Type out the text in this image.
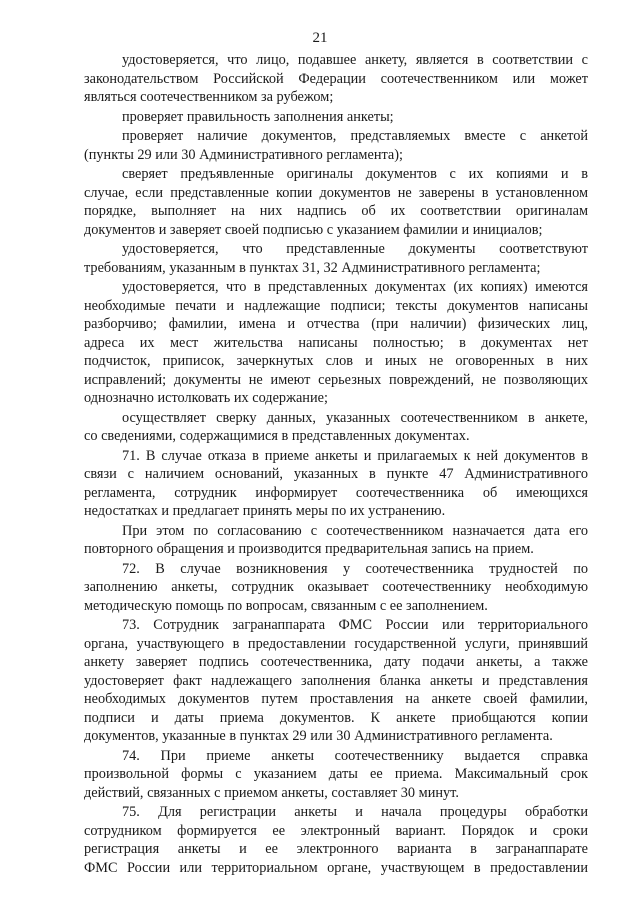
21
удостоверяется, что лицо, подавшее анкету, является в соответствии с
законодательством Российской Федерации соотечественником или может
являться соотечественником за рубежом;
проверяет правильность заполнения анкеты;
проверяет наличие документов, представляемых вместе с анкетой
(пункты 29 или 30 Административного регламента);
сверяет предъявленные оригиналы документов с их копиями и в
случае, если представленные копии документов не заверены в установленном
порядке, выполняет на них надпись об их соответствии оригиналам
документов и заверяет своей подписью с указанием фамилии и инициалов;
удостоверяется, что представленные документы соответствуют
требованиям, указанным в пунктах 31, 32 Административного регламента;
удостоверяется, что в представленных документах (их копиях) имеются
необходимые печати и надлежащие подписи; тексты документов написаны
разборчиво; фамилии, имена и отчества (при наличии) физических лиц,
адреса их мест жительства написаны полностью; в документах нет
подчисток, приписок, зачеркнутых слов и иных не оговоренных в них
исправлений; документы не имеют серьезных повреждений, не позволяющих
однозначно истолковать их содержание;
осуществляет сверку данных, указанных соотечественником в анкете,
со сведениями, содержащимися в представленных документах.
71. В случае отказа в приеме анкеты и прилагаемых к ней документов в
связи с наличием оснований, указанных в пункте 47 Административного
регламента, сотрудник информирует соотечественника об имеющихся
недостатках и предлагает принять меры по их устранению.
При этом по согласованию с соотечественником назначается дата его
повторного обращения и производится предварительная запись на прием.
72. В случае возникновения у соотечественника трудностей по
заполнению анкеты, сотрудник оказывает соотечественнику необходимую
методическую помощь по вопросам, связанным с ее заполнением.
73. Сотрудник загранаппарата ФМС России или территориального
органа, участвующего в предоставлении государственной услуги, принявший
анкету заверяет подпись соотечественника, дату подачи анкеты, а также
удостоверяет факт надлежащего заполнения бланка анкеты и представления
необходимых документов путем проставления на анкете своей фамилии,
подписи и даты приема документов. К анкете приобщаются копии
документов, указанные в пунктах 29 или 30 Административного регламента.
74. При приеме анкеты соотечественнику выдается справка
произвольной формы с указанием даты ее приема. Максимальный срок
действий, связанных с приемом анкеты, составляет 30 минут.
75. Для регистрации анкеты и начала процедуры обработки
сотрудником формируется ее электронный вариант. Порядок и сроки
регистрация анкеты и ее электронного варианта в загранаппарате
ФМС России или территориальном органе, участвующем в предоставлении
